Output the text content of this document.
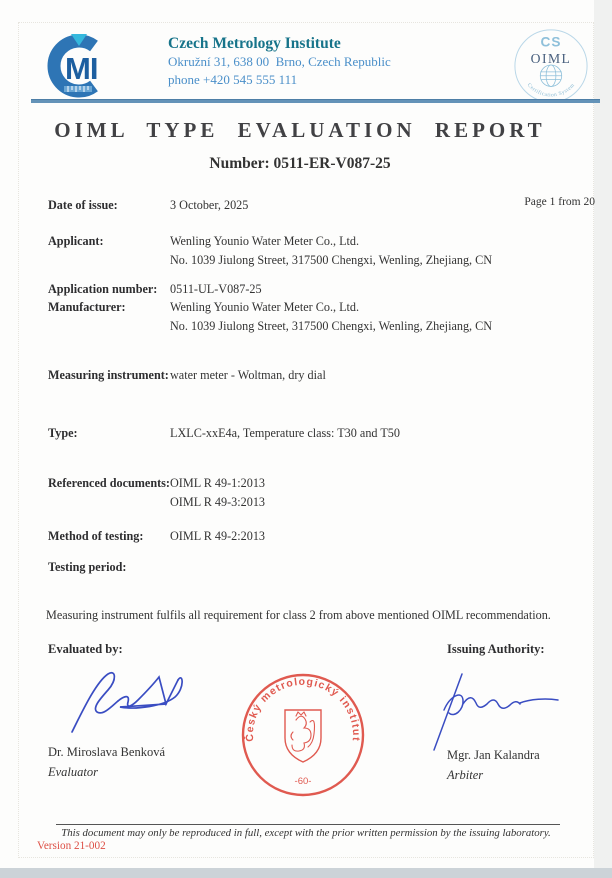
MI
Czech Metrology Institute
Okružní 31, 638 00  Brno, Czech Republic
phone +420 545 555 111
CS
OIML
Certification System
OIML TYPE EVALUATION REPORT
Number: 0511-ER-V087-25
Page 1 from 20
Date of issue:	3 October, 2025
Applicant:	Wenling Younio Water Meter Co., Ltd.
No. 1039 Jiulong Street, 317500 Chengxi, Wenling, Zhejiang, CN
Application number:	0511-UL-V087-25
Manufacturer:	Wenling Younio Water Meter Co., Ltd.
No. 1039 Jiulong Street, 317500 Chengxi, Wenling, Zhejiang, CN
Measuring instrument: water meter - Woltman, dry dial
Type:	LXLC-xxE4a, Temperature class: T30 and T50
Referenced documents: OIML R 49-1:2013
OIML R 49-3:2013
Method of testing:	OIML R 49-2:2013
Testing period:
Measuring instrument fulfils all requirement for class 2 from above mentioned OIML recommendation.
Evaluated by:	Issuing Authority:
Dr. Miroslava Benková
Evaluator
Český metrologický institut
-60-
Mgr. Jan Kalandra
Arbiter
This document may only be reproduced in full, except with the prior written permission by the issuing laboratory.
Version 21-002
